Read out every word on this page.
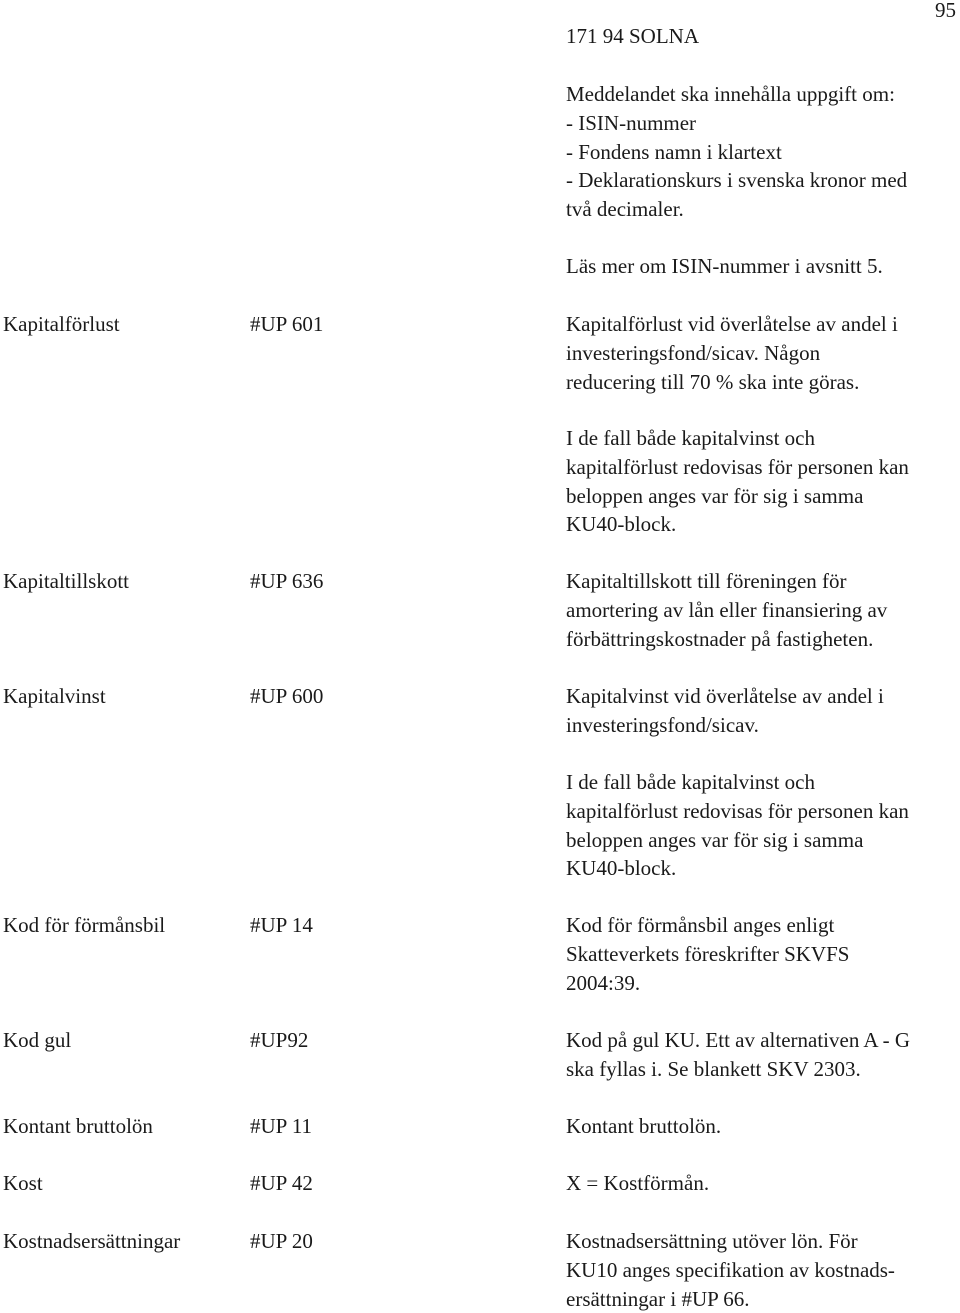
95
171 94 SOLNA
Meddelandet ska innehålla uppgift om:
- ISIN-nummer
- Fondens namn i klartext
- Deklarationskurs i svenska kronor med
två decimaler.
Läs mer om ISIN-nummer i avsnitt 5.
Kapitalförlust	#UP 601	Kapitalförlust vid överlåtelse av andel i
investeringsfond/sicav. Någon
reducering till 70 % ska inte göras.
I de fall både kapitalvinst och
kapitalförlust redovisas för personen kan
beloppen anges var för sig i samma
KU40-block.
Kapitaltillskott	#UP 636	Kapitaltillskott till föreningen för
amortering av lån eller finansiering av
förbättringskostnader på fastigheten.
Kapitalvinst	#UP 600	Kapitalvinst vid överlåtelse av andel i
investeringsfond/sicav.
I de fall både kapitalvinst och
kapitalförlust redovisas för personen kan
beloppen anges var för sig i samma
KU40-block.
Kod för förmånsbil	#UP 14	Kod för förmånsbil anges enligt
Skatteverkets föreskrifter SKVFS
2004:39.
Kod gul	#UP92	Kod på gul KU. Ett av alternativen A - G
ska fyllas i. Se blankett SKV 2303.
Kontant bruttolön	#UP 11	Kontant bruttolön.
Kost	#UP 42	X = Kostförmån.
Kostnadsersättningar	#UP 20	Kostnadsersättning utöver lön. För
KU10 anges specifikation av kostnads-
ersättningar i #UP 66.
